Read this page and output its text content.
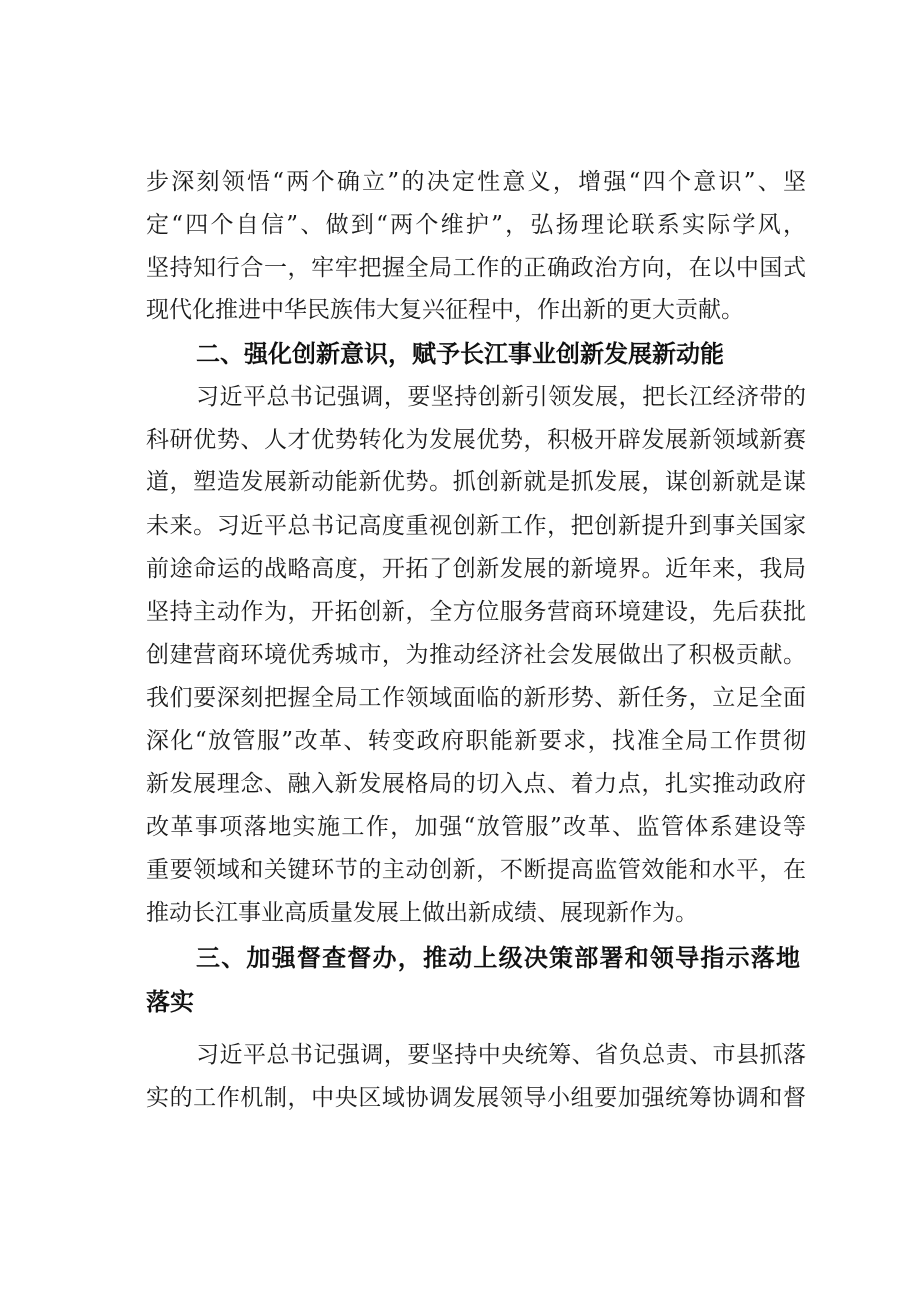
步深刻领悟“两个确立”的决定性意义，增强“四个意识”、坚
定“四个自信”、做到“两个维护”，弘扬理论联系实际学风，
坚持知行合一，牢牢把握全局工作的正确政治方向，在以中国式
现代化推进中华民族伟大复兴征程中，作出新的更大贡献。
二、强化创新意识，赋予长江事业创新发展新动能
习近平总书记强调，要坚持创新引领发展，把长江经济带的
科研优势、人才优势转化为发展优势，积极开辟发展新领域新赛
道，塑造发展新动能新优势。抓创新就是抓发展，谋创新就是谋
未来。习近平总书记高度重视创新工作，把创新提升到事关国家
前途命运的战略高度，开拓了创新发展的新境界。近年来，我局
坚持主动作为，开拓创新，全方位服务营商环境建设，先后获批
创建营商环境优秀城市，为推动经济社会发展做出了积极贡献。
我们要深刻把握全局工作领域面临的新形势、新任务，立足全面
深化“放管服”改革、转变政府职能新要求，找准全局工作贯彻
新发展理念、融入新发展格局的切入点、着力点，扎实推动政府
改革事项落地实施工作，加强“放管服”改革、监管体系建设等
重要领域和关键环节的主动创新，不断提高监管效能和水平，在
推动长江事业高质量发展上做出新成绩、展现新作为。
三、加强督查督办，推动上级决策部署和领导指示落地
落实
习近平总书记强调，要坚持中央统筹、省负总责、市县抓落
实的工作机制，中央区域协调发展领导小组要加强统筹协调和督
